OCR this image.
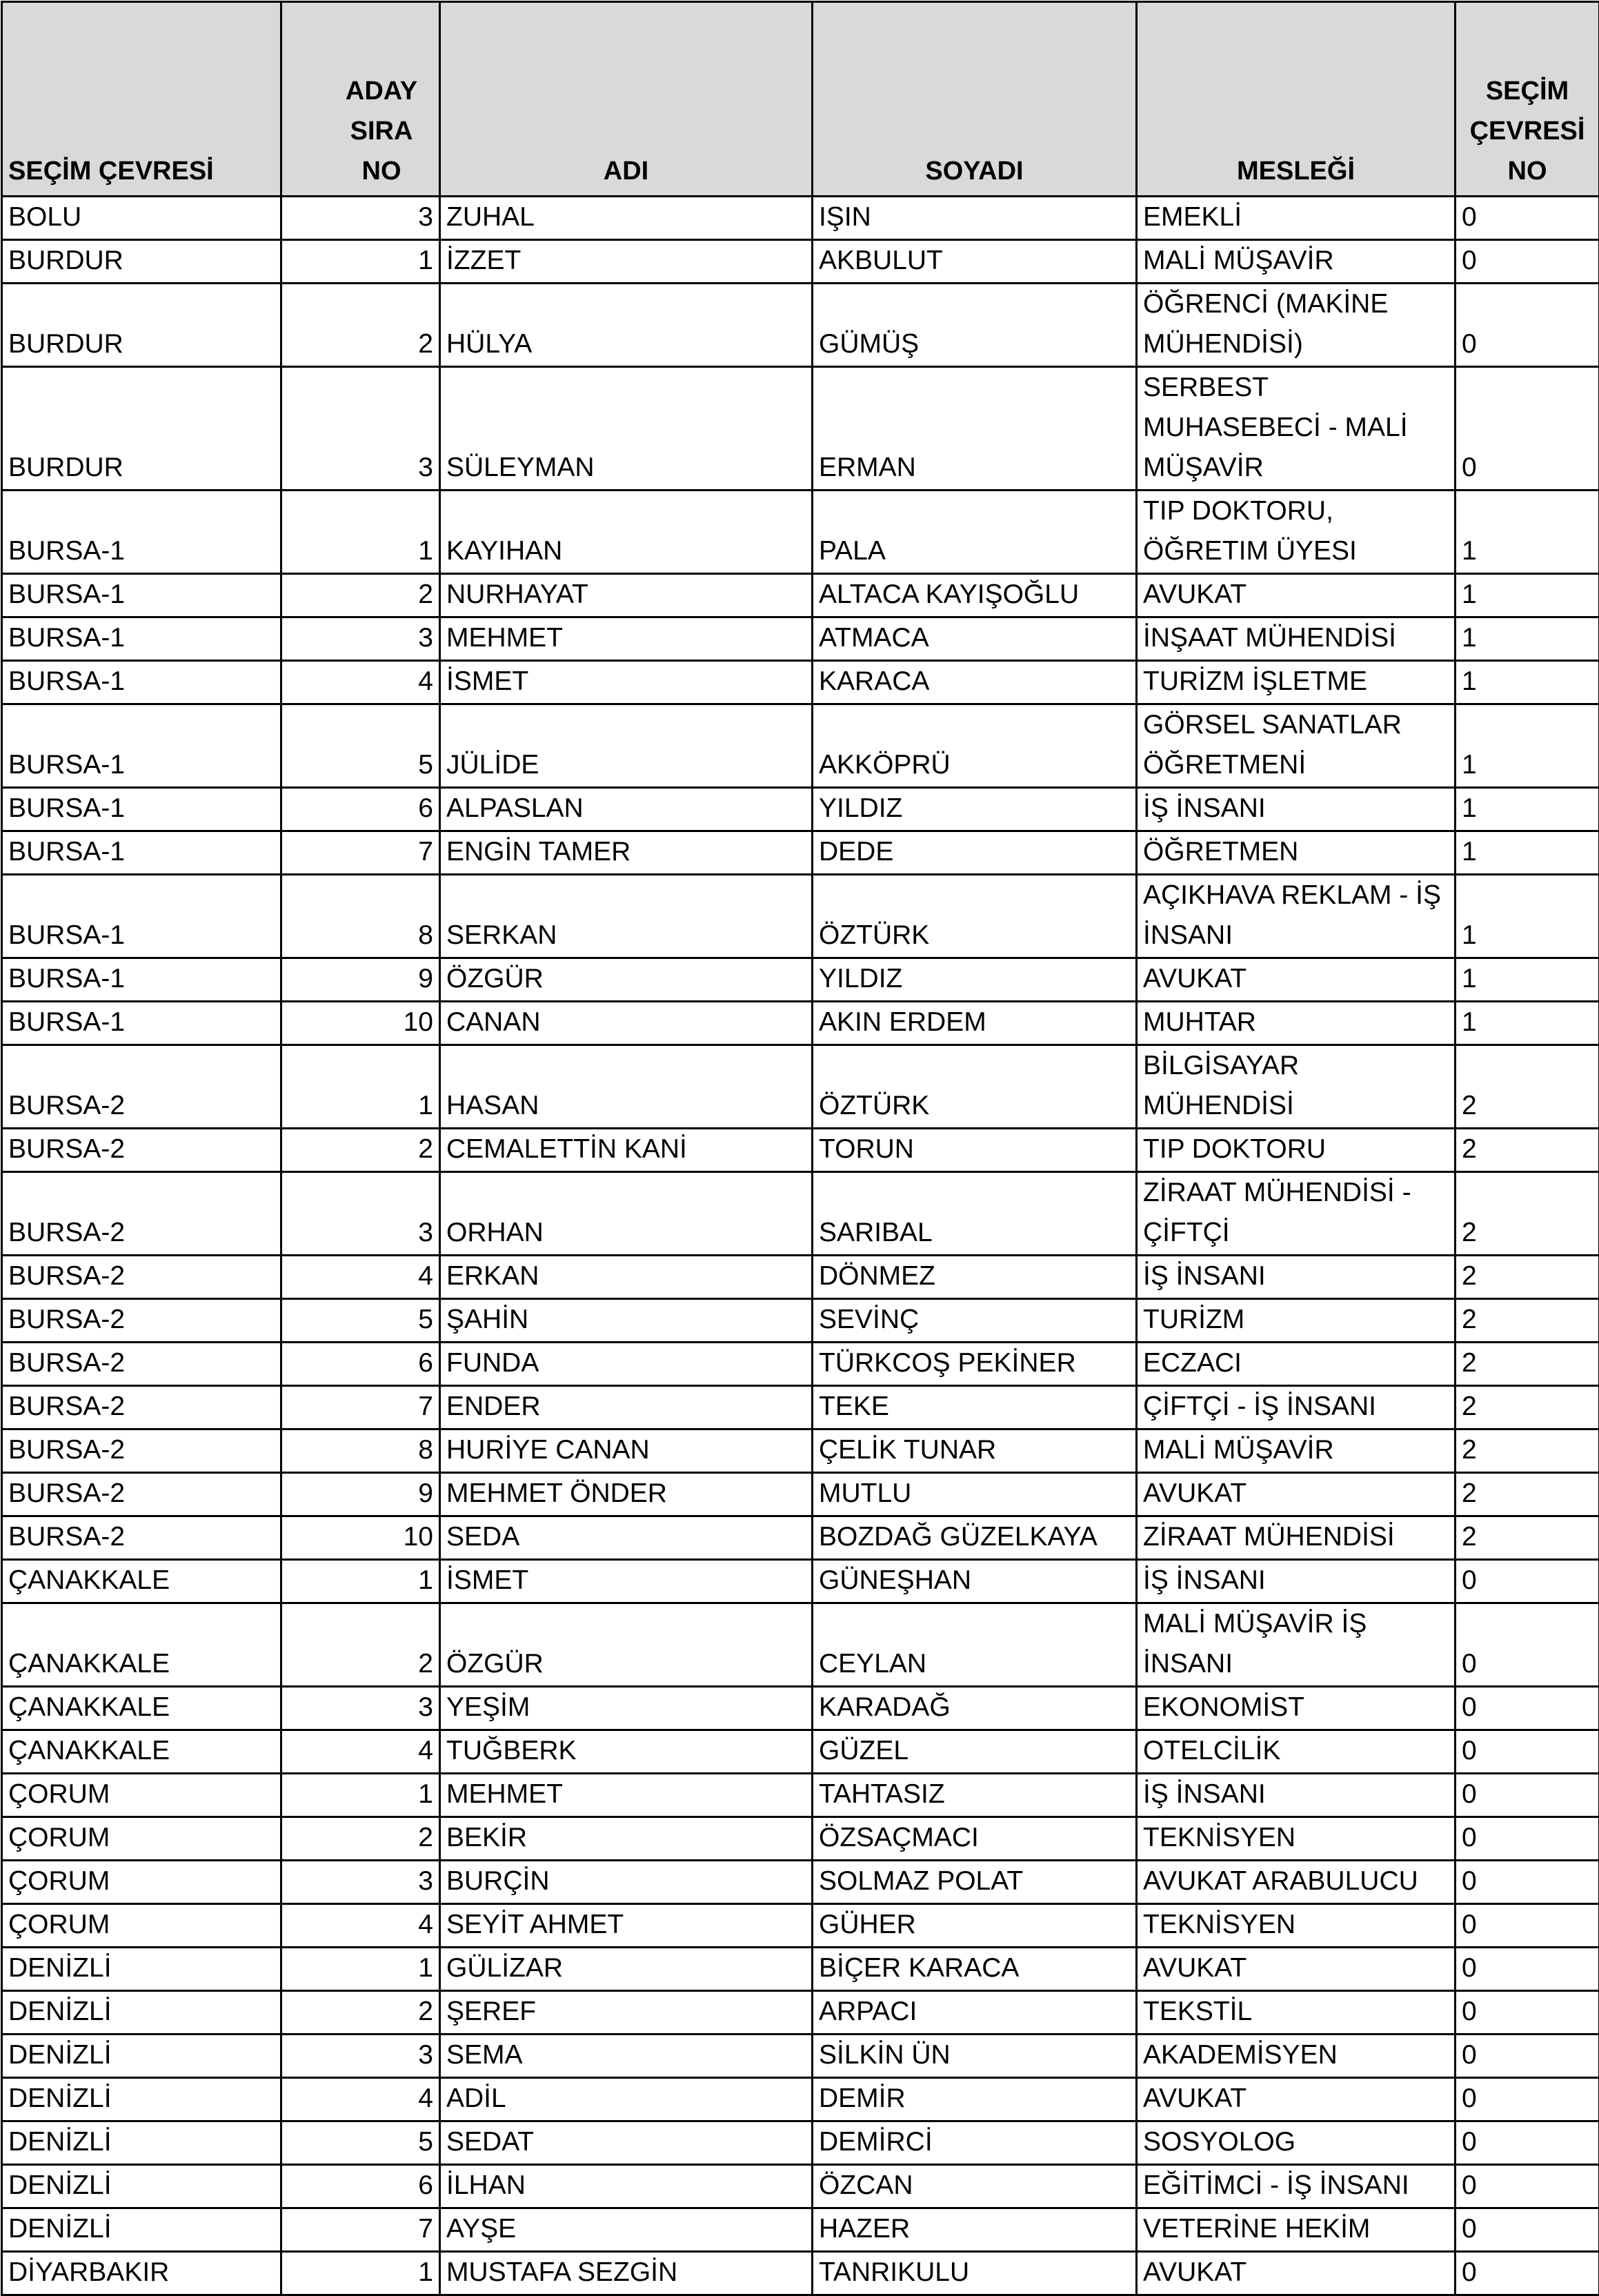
SEÇİM ÇEVRESİ	ADAY SIRA NO	ADI	SOYADI	MESLEĞİ	SEÇİM ÇEVRESİ NO
BOLU	3	ZUHAL	IŞIN	EMEKLİ	0
BURDUR	1	İZZET	AKBULUT	MALİ MÜŞAVİR	0
BURDUR	2	HÜLYA	GÜMÜŞ	ÖĞRENCİ (MAKİNE MÜHENDİSİ)	0
BURDUR	3	SÜLEYMAN	ERMAN	SERBEST MUHASEBECİ - MALİ MÜŞAVİR	0
BURSA-1	1	KAYIHAN	PALA	TIP DOKTORU, ÖĞRETIM ÜYESI	1
BURSA-1	2	NURHAYAT	ALTACA KAYIŞOĞLU	AVUKAT	1
BURSA-1	3	MEHMET	ATMACA	İNŞAAT MÜHENDİSİ	1
BURSA-1	4	İSMET	KARACA	TURİZM İŞLETME	1
BURSA-1	5	JÜLİDE	AKKÖPRÜ	GÖRSEL SANATLAR ÖĞRETMENİ	1
BURSA-1	6	ALPASLAN	YILDIZ	İŞ İNSANI	1
BURSA-1	7	ENGİN TAMER	DEDE	ÖĞRETMEN	1
BURSA-1	8	SERKAN	ÖZTÜRK	AÇIKHAVA REKLAM - İŞ İNSANI	1
BURSA-1	9	ÖZGÜR	YILDIZ	AVUKAT	1
BURSA-1	10	CANAN	AKIN ERDEM	MUHTAR	1
BURSA-2	1	HASAN	ÖZTÜRK	BİLGİSAYAR MÜHENDİSİ	2
BURSA-2	2	CEMALETTİN KANİ	TORUN	TIP DOKTORU	2
BURSA-2	3	ORHAN	SARIBAL	ZİRAAT MÜHENDİSİ - ÇİFTÇİ	2
BURSA-2	4	ERKAN	DÖNMEZ	İŞ İNSANI	2
BURSA-2	5	ŞAHİN	SEVİNÇ	TURİZM	2
BURSA-2	6	FUNDA	TÜRKCOŞ PEKİNER	ECZACI	2
BURSA-2	7	ENDER	TEKE	ÇİFTÇİ - İŞ İNSANI	2
BURSA-2	8	HURİYE CANAN	ÇELİK TUNAR	MALİ MÜŞAVİR	2
BURSA-2	9	MEHMET ÖNDER	MUTLU	AVUKAT	2
BURSA-2	10	SEDA	BOZDAĞ GÜZELKAYA	ZİRAAT MÜHENDİSİ	2
ÇANAKKALE	1	İSMET	GÜNEŞHAN	İŞ İNSANI	0
ÇANAKKALE	2	ÖZGÜR	CEYLAN	MALİ MÜŞAVİR İŞ İNSANI	0
ÇANAKKALE	3	YEŞİM	KARADAĞ	EKONOMİST	0
ÇANAKKALE	4	TUĞBERK	GÜZEL	OTELCİLİK	0
ÇORUM	1	MEHMET	TAHTASIZ	İŞ İNSANI	0
ÇORUM	2	BEKİR	ÖZSAÇMACI	TEKNİSYEN	0
ÇORUM	3	BURÇİN	SOLMAZ POLAT	AVUKAT ARABULUCU	0
ÇORUM	4	SEYİT AHMET	GÜHER	TEKNİSYEN	0
DENİZLİ	1	GÜLİZAR	BİÇER KARACA	AVUKAT	0
DENİZLİ	2	ŞEREF	ARPACI	TEKSTİL	0
DENİZLİ	3	SEMA	SİLKİN ÜN	AKADEMİSYEN	0
DENİZLİ	4	ADİL	DEMİR	AVUKAT	0
DENİZLİ	5	SEDAT	DEMİRCİ	SOSYOLOG	0
DENİZLİ	6	İLHAN	ÖZCAN	EĞİTİMCİ - İŞ İNSANI	0
DENİZLİ	7	AYŞE	HAZER	VETERİNE HEKİM	0
DİYARBAKIR	1	MUSTAFA SEZGİN	TANRIKULU	AVUKAT	0
